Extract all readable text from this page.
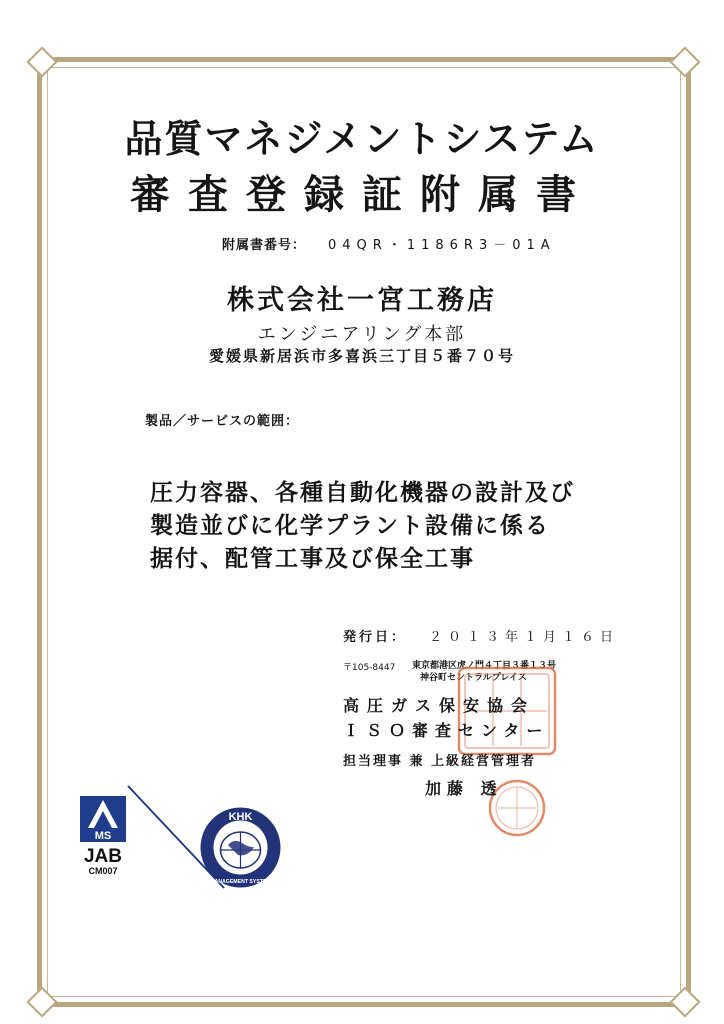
品質マネジメントシステム
審査登録証附属書
附属書番号： 04QR・1186R3－01A
株式会社一宮工務店
エンジニアリング本部
愛媛県新居浜市多喜浜三丁目５番７０号
製品／サービスの範囲：
圧力容器、各種自動化機器の設計及び
製造並びに化学プラント設備に係る
据付、配管工事及び保全工事
発行日： ２０１３年１月１６日
〒105-8447 東京都港区虎ノ門４丁目３番１３号
神谷町セントラルプレイス
高圧ガス保安協会
ＩＳＯ審査センター
担当理事 兼 上級経営管理者
加藤 透
MS
JAB
CM007
KHK
MANAGEMENT SYSTEM
